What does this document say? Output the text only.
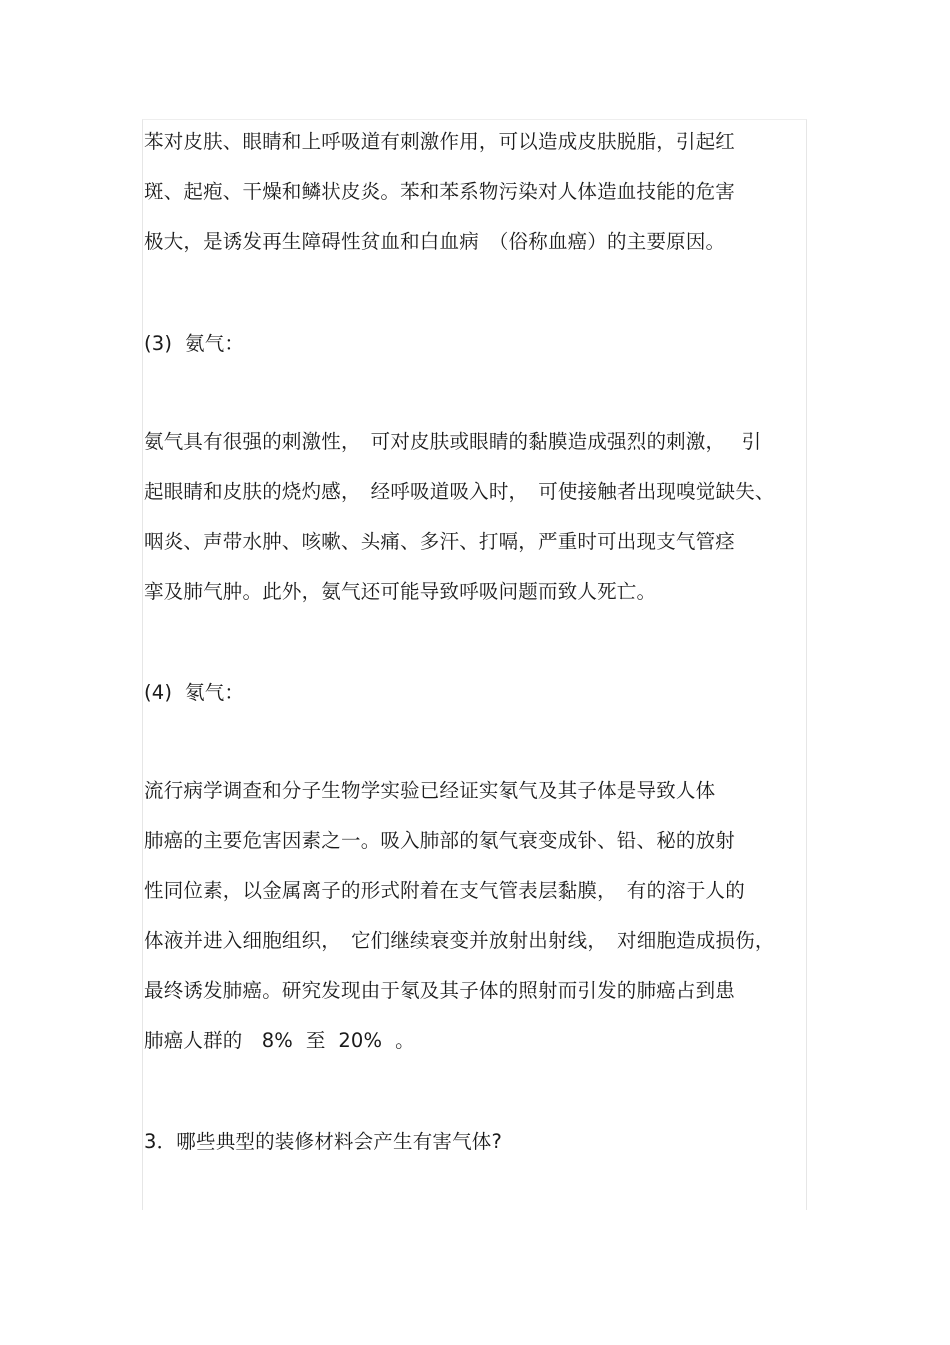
苯对皮肤、眼睛和上呼吸道有刺激作用，可以造成皮肤脱脂，引起红
斑、起疱、干燥和鳞状皮炎。苯和苯系物污染对人体造血技能的危害
极大，是诱发再生障碍性贫血和白血病　（俗称血癌）的主要原因。
(3)  氨气：
氨气具有很强的刺激性，　可对皮肤或眼睛的黏膜造成强烈的刺激，　 引
起眼睛和皮肤的烧灼感，　经呼吸道吸入时，　可使接触者出现嗅觉缺失、
咽炎、声带水肿、咳嗽、头痛、多汗、打嗝，严重时可出现支气管痉
挛及肺气肿。此外，氨气还可能导致呼吸问题而致人死亡。
(4)  氡气：
流行病学调查和分子生物学实验已经证实氡气及其子体是导致人体
肺癌的主要危害因素之一。吸入肺部的氡气衰变成钋、铅、秘的放射
性同位素，以金属离子的形式附着在支气管表层黏膜，　有的溶于人的
体液并进入细胞组织，　它们继续衰变并放射出射线，　对细胞造成损伤，
最终诱发肺癌。研究发现由于氡及其子体的照射而引发的肺癌占到患
肺癌人群的   8%  至  20%  。
3．哪些典型的装修材料会产生有害气体?
